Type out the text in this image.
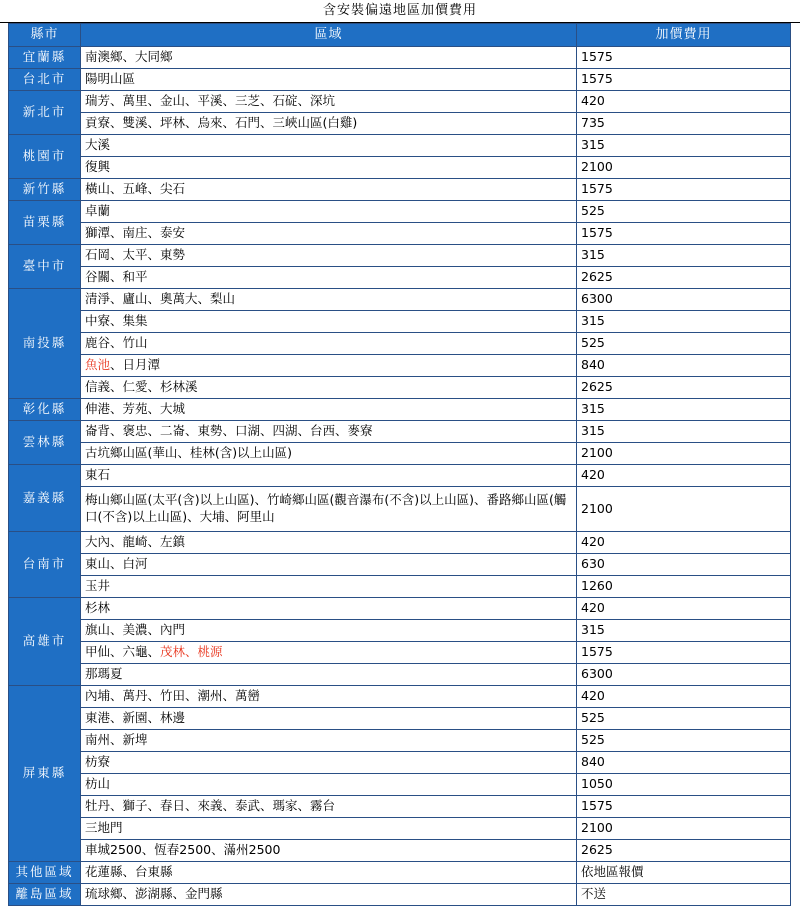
含安裝偏遠地區加價費用
縣市	區域	加價費用
宜蘭縣	南澳鄉、大同鄉	1575
台北市	陽明山區	1575
新北市	瑞芳、萬里、金山、平溪、三芝、石碇、深坑	420
	貢寮、雙溪、坪林、烏來、石門、三峽山區(白雞)	735
桃園市	大溪	315
	復興	2100
新竹縣	橫山、五峰、尖石	1575
苗栗縣	卓蘭	525
	獅潭、南庄、泰安	1575
臺中市	石岡、太平、東勢	315
	谷關、和平	2625
南投縣	清淨、廬山、奧萬大、梨山	6300
	中寮、集集	315
	鹿谷、竹山	525
	魚池、日月潭	840
	信義、仁愛、杉林溪	2625
彰化縣	伸港、芳苑、大城	315
雲林縣	崙背、褒忠、二崙、東勢、口湖、四湖、台西、麥寮	315
	古坑鄉山區(華山、桂林(含)以上山區)	2100
嘉義縣	東石	420
	梅山鄉山區(太平(含)以上山區)、竹崎鄉山區(觀音瀑布(不含)以上山區)、番路鄉山區(觸口(不含)以上山區)、大埔、阿里山	2100
台南市	大內、龍崎、左鎮	420
	東山、白河	630
	玉井	1260
高雄市	杉林	420
	旗山、美濃、內門	315
	甲仙、六龜、茂林、桃源	1575
	那瑪夏	6300
屏東縣	內埔、萬丹、竹田、潮州、萬巒	420
	東港、新園、林邊	525
	南州、新埤	525
	枋寮	840
	枋山	1050
	牡丹、獅子、春日、來義、泰武、瑪家、霧台	1575
	三地門	2100
	車城2500、恆春2500、滿州2500	2625
其他區域	花蓮縣、台東縣	依地區報價
離島區域	琉球鄉、澎湖縣、金門縣	不送
